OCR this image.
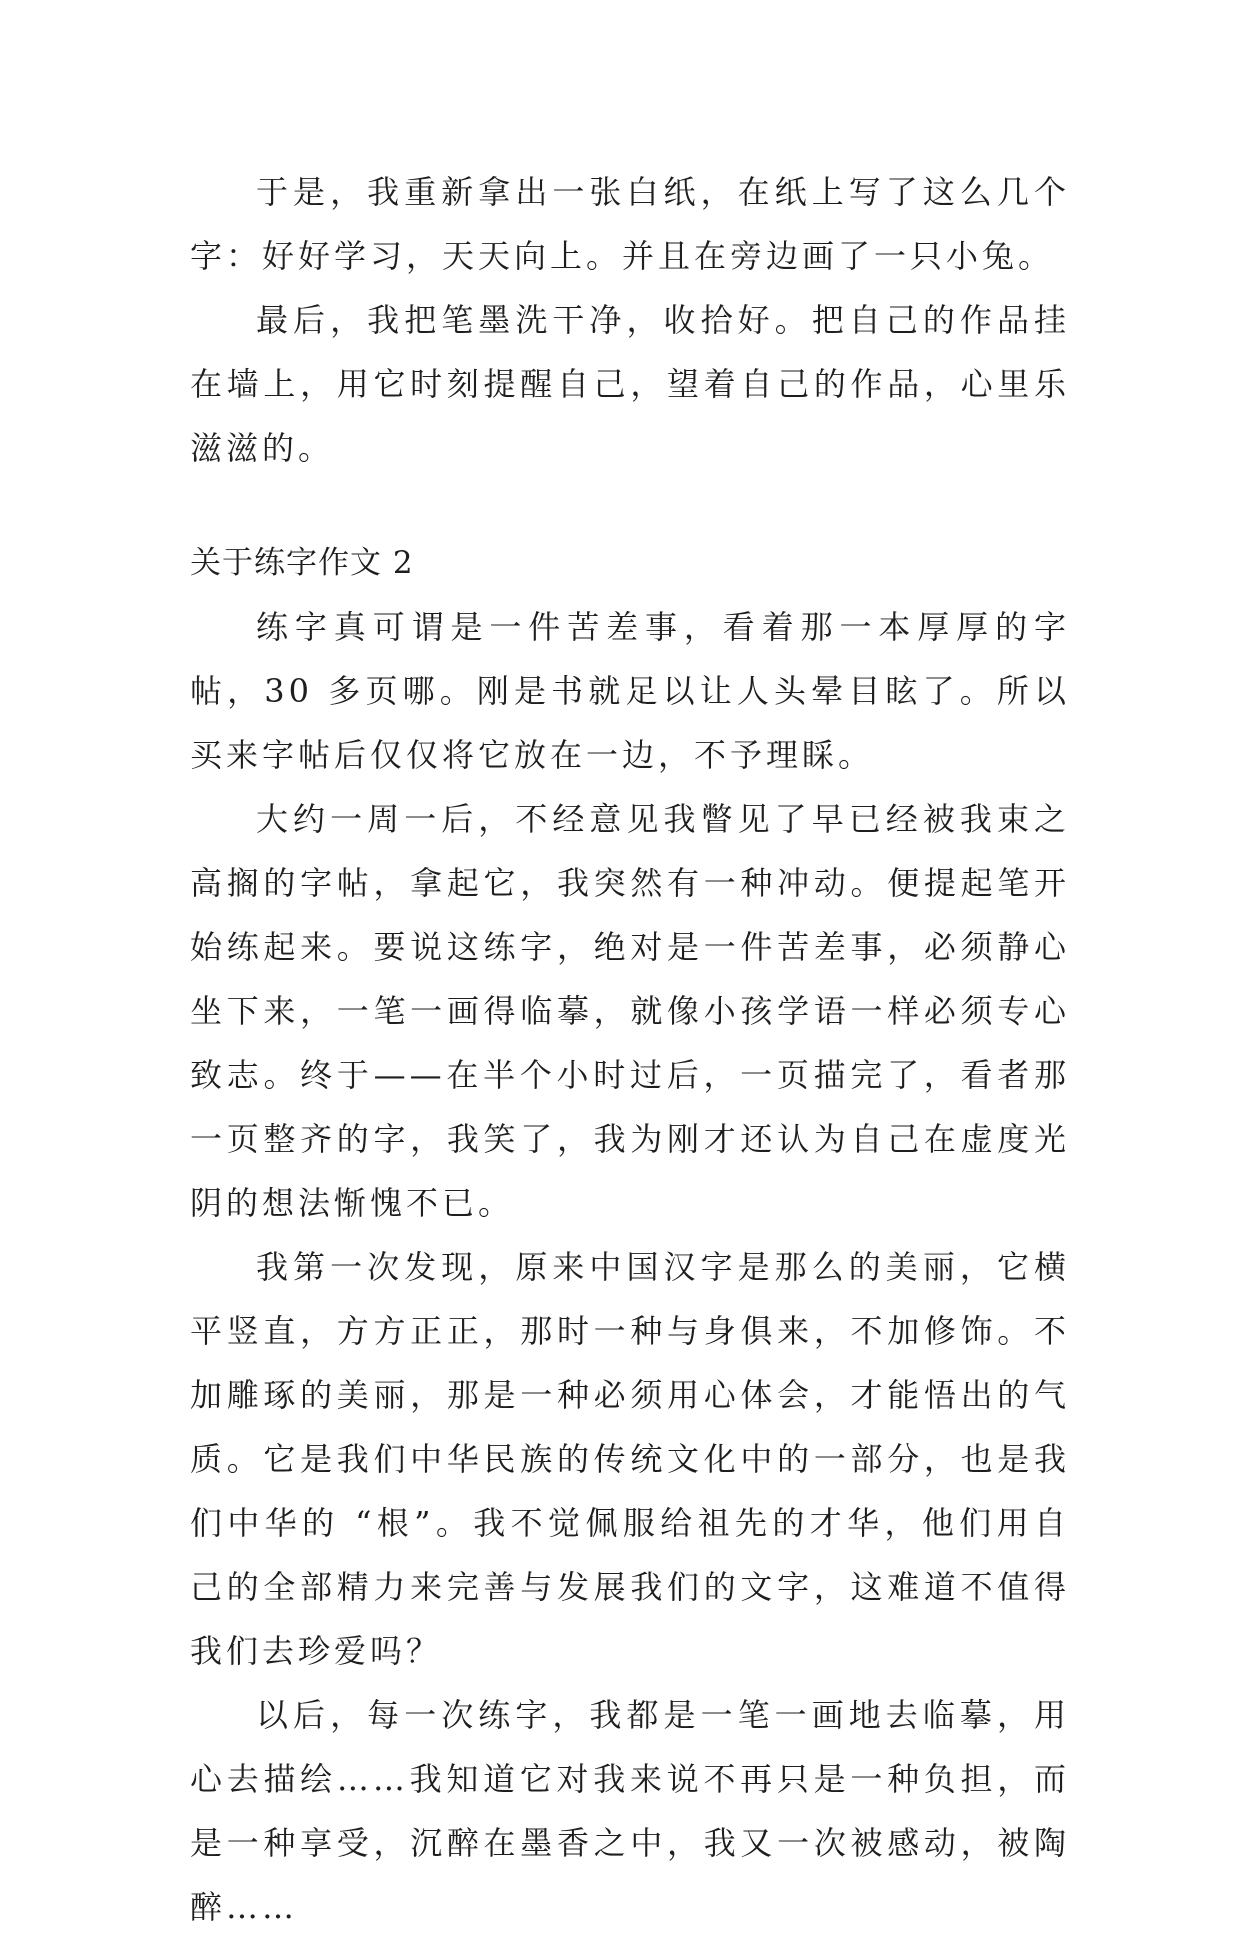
于是，我重新拿出一张白纸，在纸上写了这么几个字：好好学习，天天向上。并且在旁边画了一只小兔。

最后，我把笔墨洗干净，收拾好。把自己的作品挂在墙上，用它时刻提醒自己，望着自己的作品，心里乐滋滋的。

关于练字作文 2

练字真可谓是一件苦差事，看着那一本厚厚的字帖，30 多页哪。刚是书就足以让人头晕目眩了。所以买来字帖后仅仅将它放在一边，不予理睬。

大约一周一后，不经意见我瞥见了早已经被我束之高搁的字帖，拿起它，我突然有一种冲动。便提起笔开始练起来。要说这练字，绝对是一件苦差事，必须静心坐下来，一笔一画得临摹，就像小孩学语一样必须专心致志。终于——在半个小时过后，一页描完了，看者那一页整齐的字，我笑了，我为刚才还认为自己在虚度光阴的想法惭愧不已。

我第一次发现，原来中国汉字是那么的美丽，它横平竖直，方方正正，那时一种与身俱来，不加修饰。不加雕琢的美丽，那是一种必须用心体会，才能悟出的气质。它是我们中华民族的传统文化中的一部分，也是我们中华的 “根”。我不觉佩服给祖先的才华，他们用自己的全部精力来完善与发展我们的文字，这难道不值得我们去珍爱吗？

以后，每一次练字，我都是一笔一画地去临摹，用心去描绘……我知道它对我来说不再只是一种负担，而是一种享受，沉醉在墨香之中，我又一次被感动，被陶醉……
